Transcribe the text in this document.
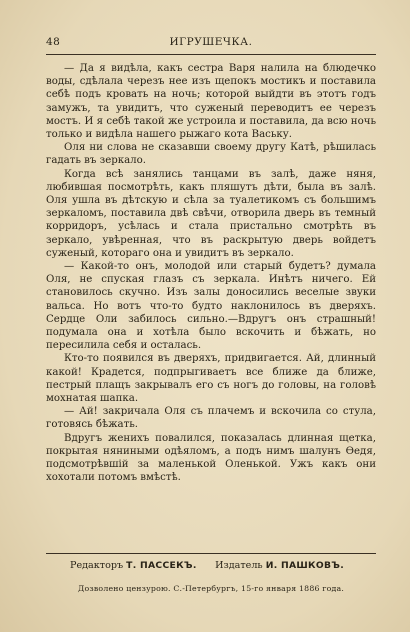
48	ИГРУШЕЧКА.

— Да я видѣла, какъ сестра Варя налила на блюдечко воды, сдѣлала черезъ нее изъ щепокъ мостикъ и поставила себѣ подъ кровать на ночь; которой выйдти въ этотъ годъ замужъ, та увидитъ, что суженый переводитъ ее черезъ мостъ. И я себѣ такой же устроила и поставила, да всю ночь только и видѣла нашего рыжаго кота Ваську.

Оля ни слова не сказавши своему другу Катѣ, рѣшилась гадать въ зеркало.

Когда всѣ занялись танцами въ залѣ, даже няня, любившая посмотрѣть, какъ пляшутъ дѣти, была въ залѣ. Оля ушла въ дѣтскую и сѣла за туалетикомъ съ большимъ зеркаломъ, поставила двѣ свѣчи, отворила дверь въ темный корридоръ, усѣлась и стала пристально смотрѣть въ зеркало, увѣренная, что въ раскрытую дверь войдетъ суженый, котораго она и увидитъ въ зеркало.

— Какой-то онъ, молодой или старый будетъ? думала Оля, не спуская глазъ съ зеркала. Инѣтъ ничего. Ей становилось скучно. Изъ залы доносились веселые звуки вальса. Но вотъ что-то будто наклонилось въ дверяхъ. Сердце Оли забилось сильно.—Вдругъ онъ страшный! подумала она и хотѣла было вскочить и бѣжать, но пересилила себя и осталась.

Кто-то появился въ дверяхъ, придвигается. Ай, длинный какой! Крадется, подпрыгиваетъ все ближе да ближе, пестрый плащъ закрывалъ его съ ногъ до головы, на головѣ мохнатая шапка.

— Ай! закричала Оля съ плачемъ и вскочила со стула, готовясь бѣжать.

Вдругъ женихъ повалился, показалась длинная щетка, покрытая няниными одѣяломъ, а подъ нимъ шалунъ Өедя, подсмотрѣвшій за маленькой Оленькой. Ужъ какъ они хохотали потомъ вмѣстѣ.

Редакторъ Т. ПАССЕКЪ. Издатель И. ПАШКОВЪ.
Дозволено цензурою. С.-Петербургъ, 15-го января 1886 года.
